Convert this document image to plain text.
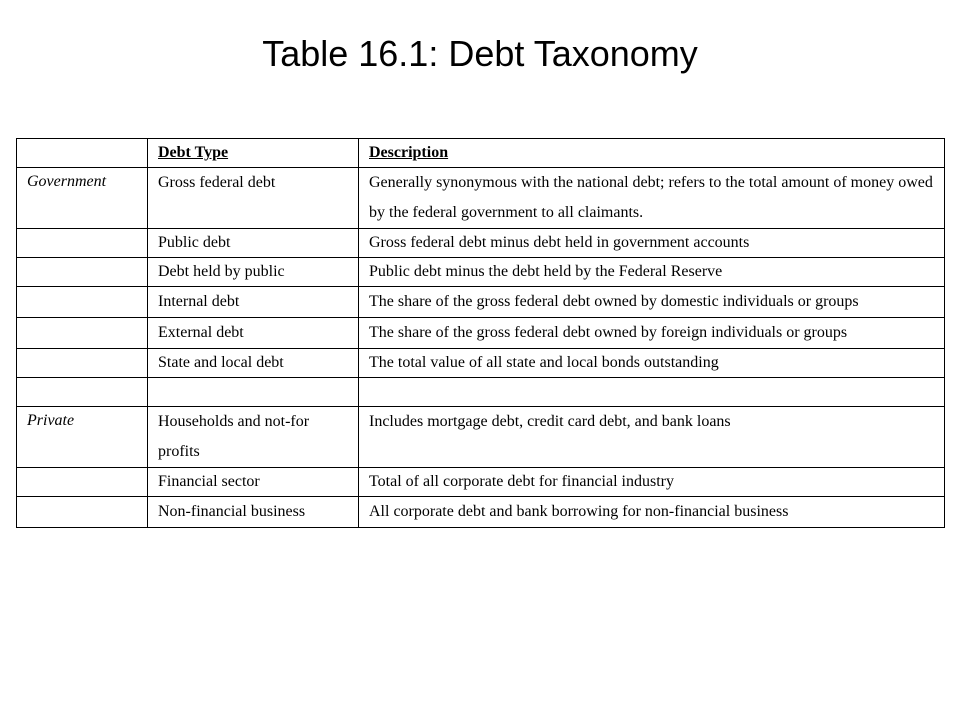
Table 16.1: Debt Taxonomy
	Debt Type	Description
Government	Gross federal debt	Generally synonymous with the national debt; refers to the total amount of money owed by the federal government to all claimants.
	Public debt	Gross federal debt minus debt held in government accounts
	Debt held by public	Public debt minus the debt held by the Federal Reserve
	Internal debt	The share of the gross federal debt owned by domestic individuals or groups
	External debt	The share of the gross federal debt owned by foreign individuals or groups
	State and local debt	The total value of all state and local bonds outstanding

Private	Households and not-for profits	Includes mortgage debt, credit card debt, and bank loans
	Financial sector	Total of all corporate debt for financial industry
	Non-financial business	All corporate debt and bank borrowing for non-financial business
